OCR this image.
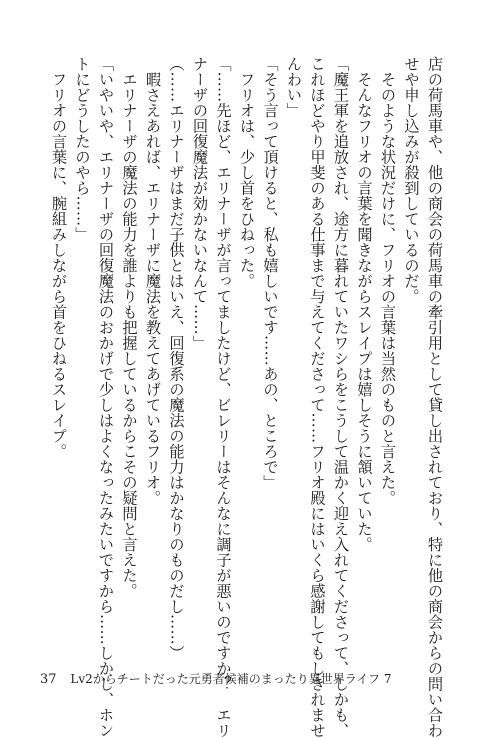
店の荷馬車や、他の商会の荷馬車の牽引用として貸し出されており、特に他の商会からの問い合わ
せや申し込みが殺到しているのだ。
　そのような状況だけに、フリオの言葉は当然のものと言えた。
　そんなフリオの言葉を聞きながらスレイプは嬉しそうに頷いていた。
「魔王軍を追放され、途方に暮れていたワシらをこうして温かく迎え入れてくださって、しかも、
これほどやり甲斐のある仕事まで与えてくださって……フリオ殿にはいくら感謝してもしきれませ
んわい」
「そう言って頂けると、私も嬉しいです……あの、ところで」
　フリオは、少し首をひねった。
「……先ほど、エリナーザが言ってましたけど、ビレリーはそんなに調子が悪いのですか？　エリ
ナーザの回復魔法が効かないなんて……」
（……エリナーザはまだ子供とはいえ、回復系の魔法の能力はかなりのものだし……）
　暇さえあれば、エリナーザに魔法を教えてあげているフリオ。
　エリナーザの魔法の能力を誰よりも把握しているからこその疑問と言えた。
「いやいや、エリナーザの回復魔法のおかげで少しはよくなったみたいですから……しかし、ホン
トにどうしたのやら……」
　フリオの言葉に、腕組みしながら首をひねるスレイプ。
37 Lv2からチートだった元勇者候補のまったり異世界ライフ 7
